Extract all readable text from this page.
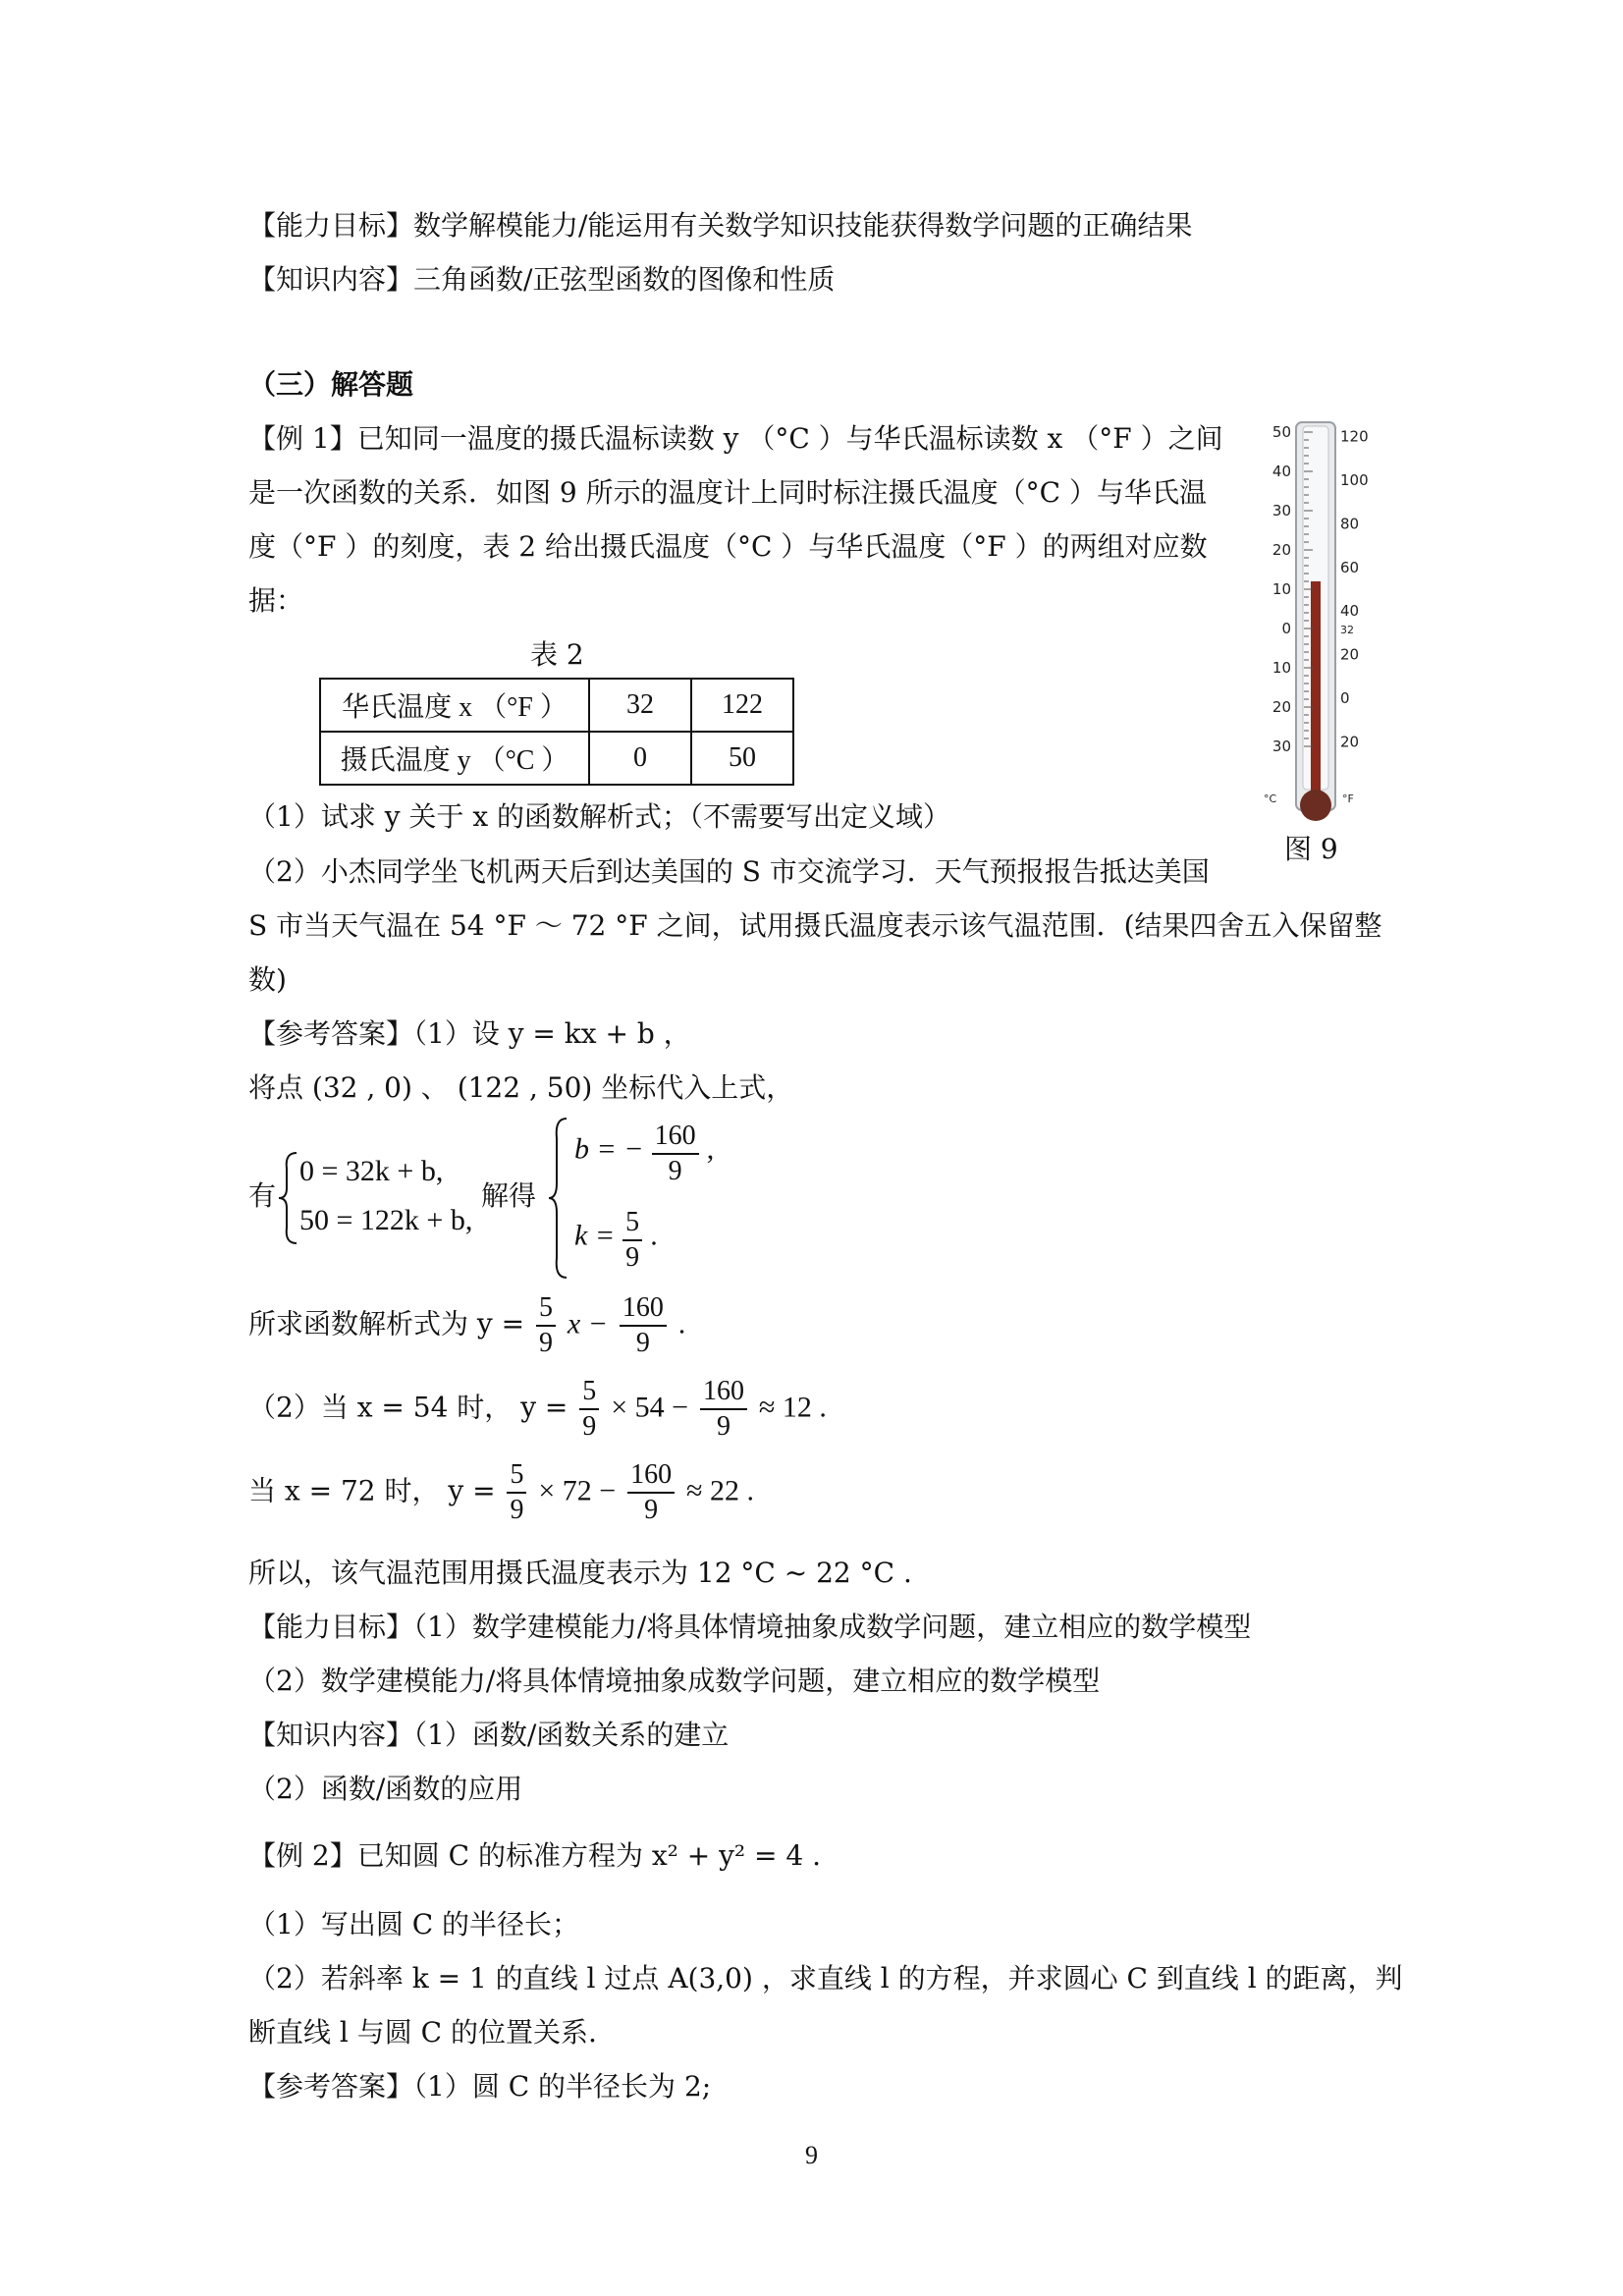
【能力目标】数学解模能力/能运用有关数学知识技能获得数学问题的正确结果
【知识内容】三角函数/正弦型函数的图像和性质
（三）解答题
【例 1】已知同一温度的摄氏温标读数 y （°C ）与华氏温标读数 x （°F ）之间
是一次函数的关系．如图 9 所示的温度计上同时标注摄氏温度（°C ）与华氏温
度（°F ）的刻度，表 2 给出摄氏温度（°C ）与华氏温度（°F ）的两组对应数
据：
表 2
华氏温度 x （°F ）	32	122
摄氏温度 y （°C ）	0	50
50
40
30
20
10
0
10
20
30
120
100
80
60
40
32
20
0
20
°C	°F
图 9
（1）试求 y 关于 x 的函数解析式；（不需要写出定义域）
（2）小杰同学坐飞机两天后到达美国的 S 市交流学习．天气预报报告抵达美国
S 市当天气温在 54 °F ～ 72 °F 之间，试用摄氏温度表示该气温范围．(结果四舍五入保留整
数)
【参考答案】（1）设 y = kx + b ，
将点 (32 , 0) 、 (122 , 50) 坐标代入上式，
有
0 = 32k + b,
50 = 122k + b,
解得
b = − $\frac{160}{9}$ ,
$k = \frac{5}{9}$ .
所求函数解析式为 $y = \frac{5}{9}$ $x - \frac{160}{9}$ .
（2）当 x = 54 时， $y = \frac{5}{9} \times 54 - \frac{160}{9} \approx 12$ .
当 x = 72 时， $y = \frac{5}{9} \times 72 - \frac{160}{9} \approx 22$ .
所以，该气温范围用摄氏温度表示为 12 °C ~ 22 °C .
【能力目标】（1）数学建模能力/将具体情境抽象成数学问题，建立相应的数学模型
（2）数学建模能力/将具体情境抽象成数学问题，建立相应的数学模型
【知识内容】（1）函数/函数关系的建立
（2）函数/函数的应用
【例 2】已知圆 C 的标准方程为 x² + y² = 4 .
（1）写出圆 C 的半径长；
（2）若斜率 k = 1 的直线 l 过点 A(3,0) ，求直线 l 的方程，并求圆心 C 到直线 l 的距离，判
断直线 l 与圆 C 的位置关系.
【参考答案】（1）圆 C 的半径长为 2;
9
